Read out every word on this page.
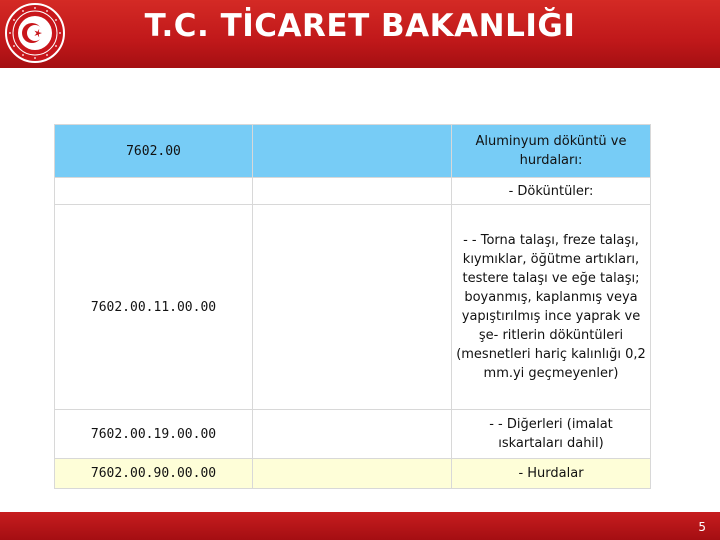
T.C. TİCARET BAKANLIĞI
7602.00		Aluminyum döküntü ve hurdaları:
		- Döküntüler:
7602.00.11.00.00		- - Torna talaşı, freze talaşı, kıymıklar, öğütme artıkları, testere talaşı ve eğe talaşı; boyanmış, kaplanmış veya yapıştırılmış ince yaprak ve şe- ritlerin döküntüleri (mesnetleri hariç kalınlığı 0,2 mm.yi geçmeyenler)
7602.00.19.00.00		- - Diğerleri (imalat ıskartaları dahil)
7602.00.90.00.00		- Hurdalar
5
